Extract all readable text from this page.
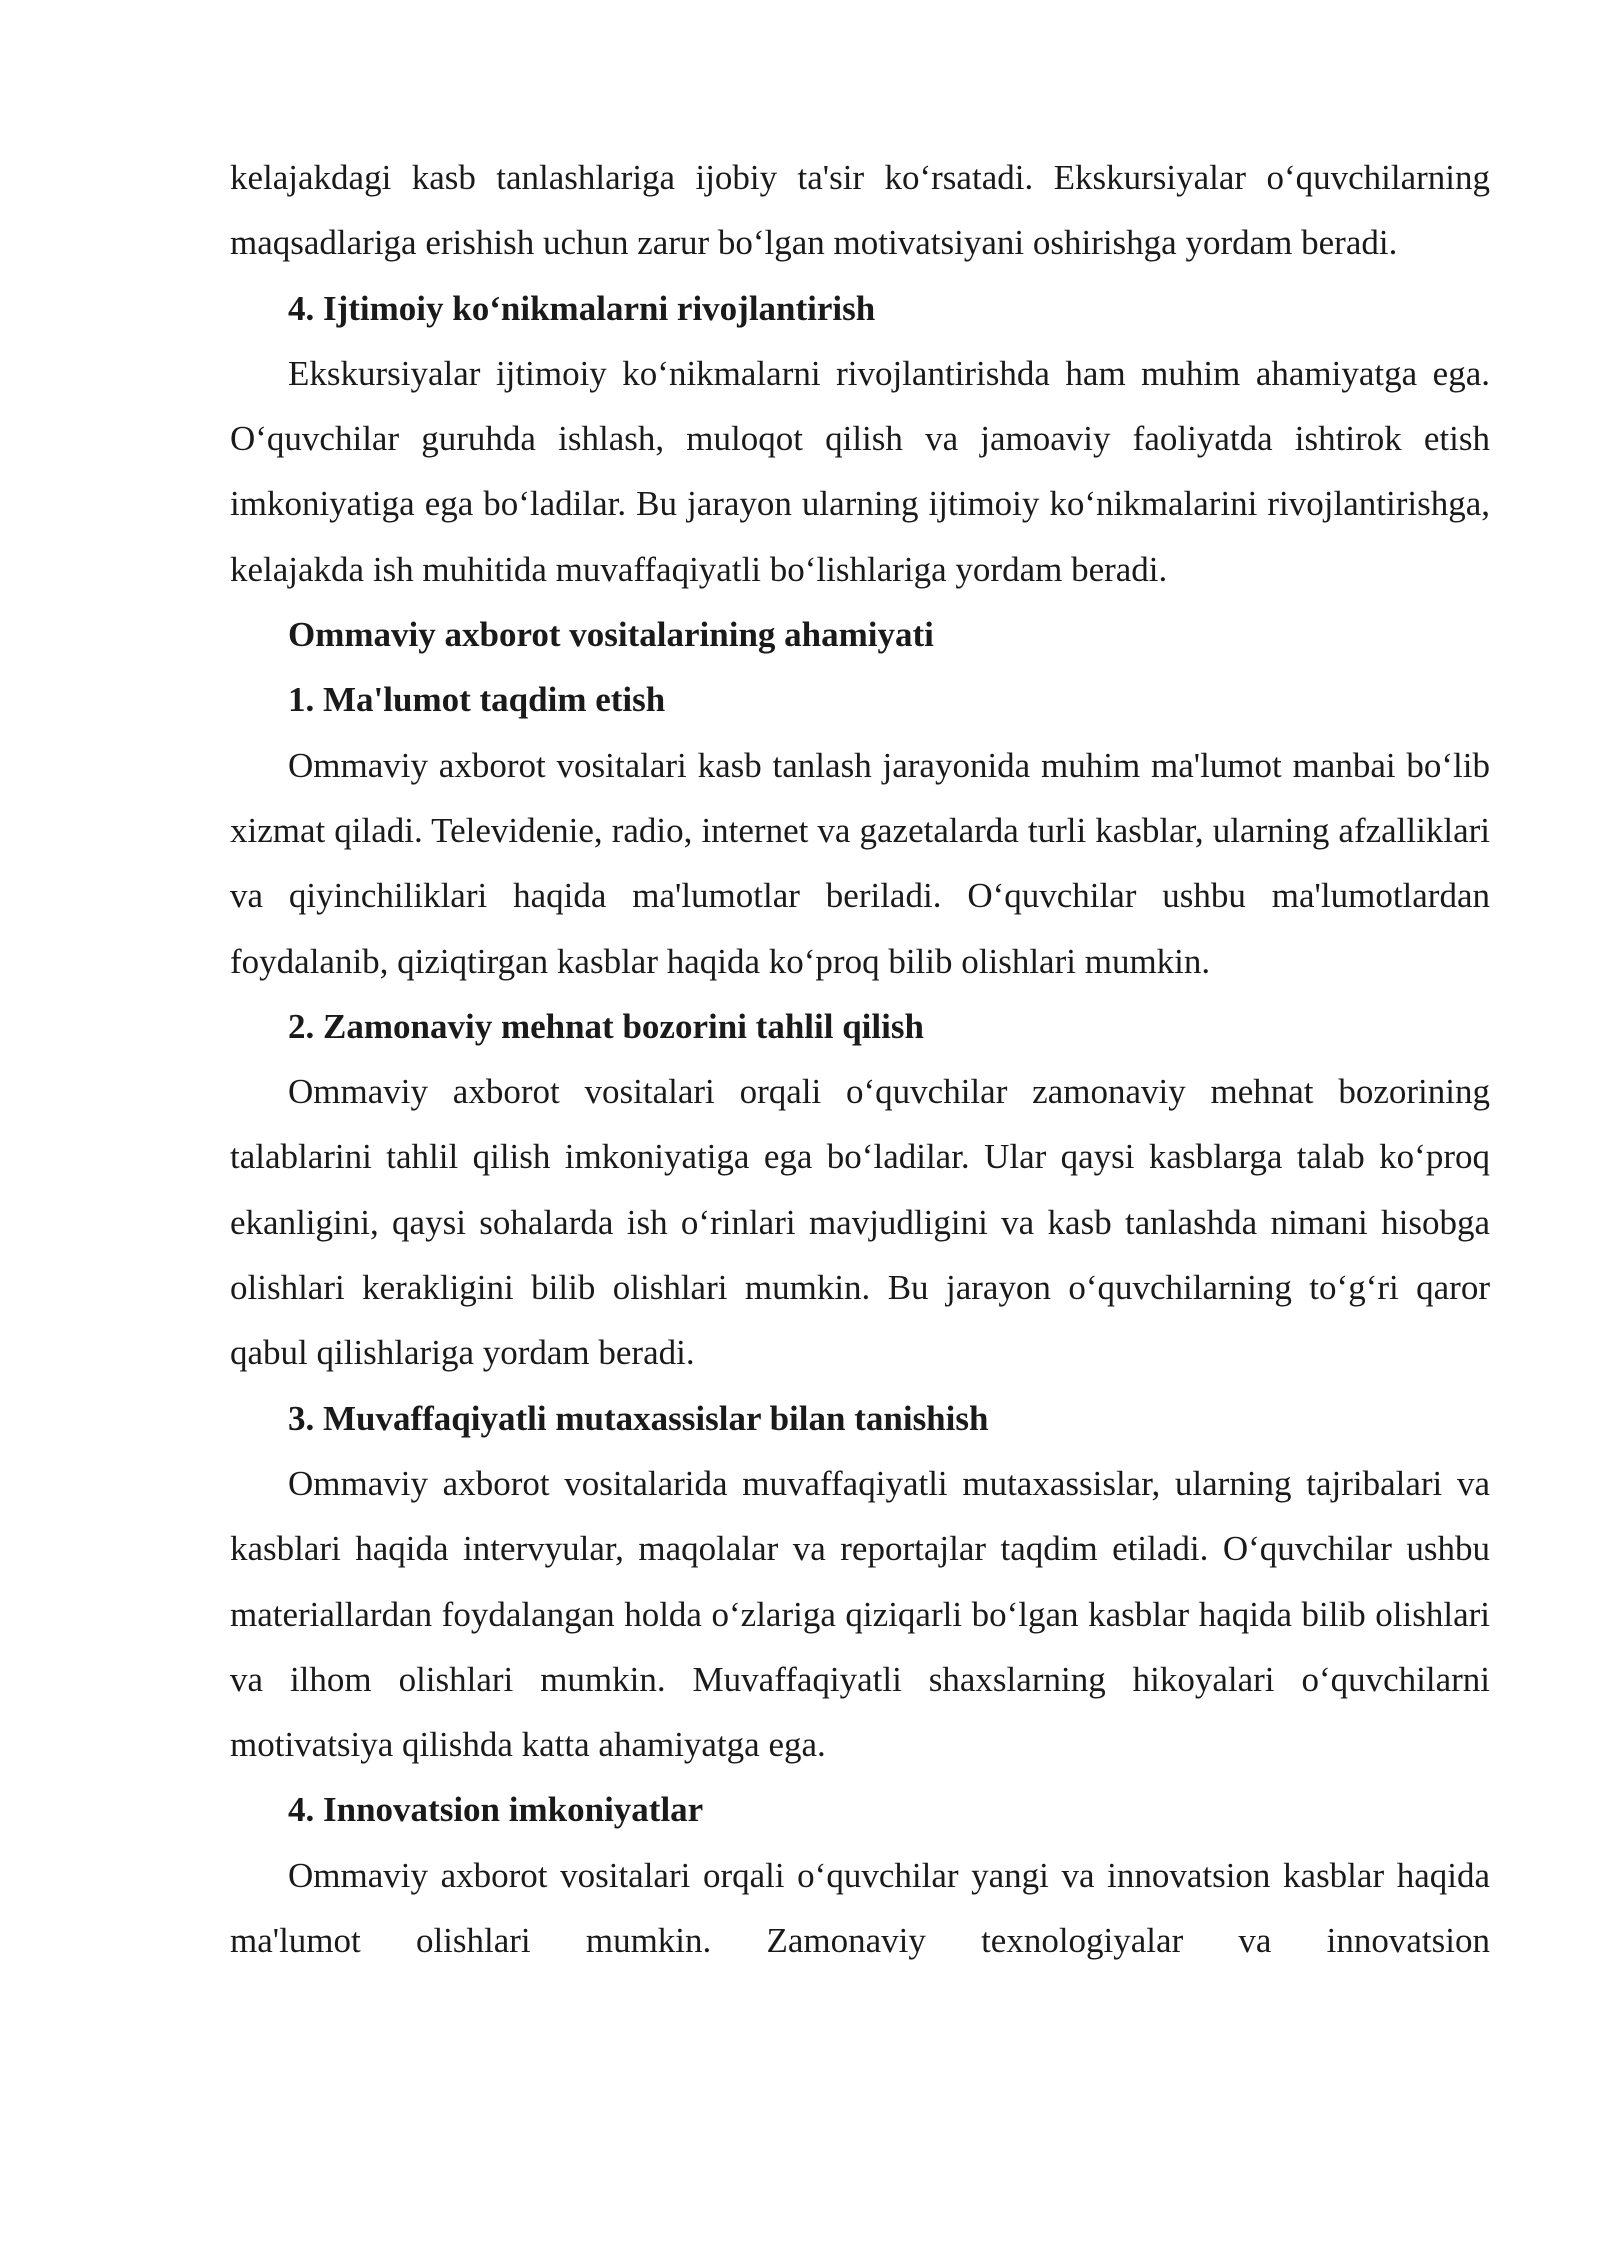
kelajakdagi kasb tanlashlariga ijobiy ta'sir ko‘rsatadi. Ekskursiyalar o‘quvchilarning maqsadlariga erishish uchun zarur bo‘lgan motivatsiyani oshirishga yordam beradi.

4. Ijtimoiy ko‘nikmalarni rivojlantirish

Ekskursiyalar ijtimoiy ko‘nikmalarni rivojlantirishda ham muhim ahamiyatga ega. O‘quvchilar guruhda ishlash, muloqot qilish va jamoaviy faoliyatda ishtirok etish imkoniyatiga ega bo‘ladilar. Bu jarayon ularning ijtimoiy ko‘nikmalarini rivojlantirishga, kelajakda ish muhitida muvaffaqiyatli bo‘lishlariga yordam beradi.

Ommaviy axborot vositalarining ahamiyati

1. Ma'lumot taqdim etish

Ommaviy axborot vositalari kasb tanlash jarayonida muhim ma'lumot manbai bo‘lib xizmat qiladi. Televidenie, radio, internet va gazetalarda turli kasblar, ularning afzalliklari va qiyinchiliklari haqida ma'lumotlar beriladi. O‘quvchilar ushbu ma'lumotlardan foydalanib, qiziqtirgan kasblar haqida ko‘proq bilib olishlari mumkin.

2. Zamonaviy mehnat bozorini tahlil qilish

Ommaviy axborot vositalari orqali o‘quvchilar zamonaviy mehnat bozorining talablarini tahlil qilish imkoniyatiga ega bo‘ladilar. Ular qaysi kasblarga talab ko‘proq ekanligini, qaysi sohalarda ish o‘rinlari mavjudligini va kasb tanlashda nimani hisobga olishlari kerakligini bilib olishlari mumkin. Bu jarayon o‘quvchilarning to‘g‘ri qaror qabul qilishlariga yordam beradi.

3. Muvaffaqiyatli mutaxassislar bilan tanishish

Ommaviy axborot vositalarida muvaffaqiyatli mutaxassislar, ularning tajribalari va kasblari haqida intervyular, maqolalar va reportajlar taqdim etiladi. O‘quvchilar ushbu materiallardan foydalangan holda o‘zlariga qiziqarli bo‘lgan kasblar haqida bilib olishlari va ilhom olishlari mumkin. Muvaffaqiyatli shaxslarning hikoyalari o‘quvchilarni motivatsiya qilishda katta ahamiyatga ega.

4. Innovatsion imkoniyatlar

Ommaviy axborot vositalari orqali o‘quvchilar yangi va innovatsion kasblar haqida ma'lumot olishlari mumkin. Zamonaviy texnologiyalar va innovatsion
